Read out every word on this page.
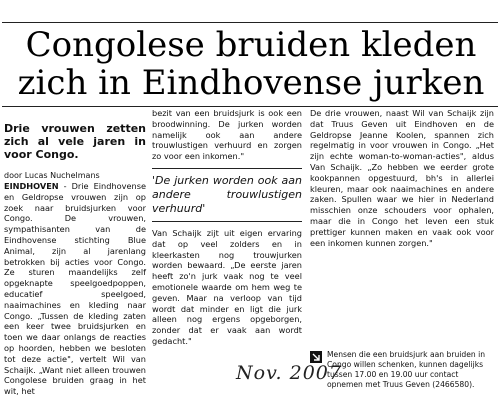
Congolese bruiden kleden
zich in Eindhovense jurken
Drie vrouwen zetten zich al vele jaren in voor Congo.
door Lucas Nuchelmans

EINDHOVEN - Drie Eindhovense en Geldropse vrouwen zijn op zoek naar bruidsjurken voor Congo. De vrouwen, sympathisanten van de Eindhovense stichting Blue Animal, zijn al jarenlang betrokken bij acties voor Congo. Ze sturen maandelijks zelf opgeknapte speelgoedpoppen, educatief speelgoed, naaimachines en kleding naar Congo. „Tussen de kleding zaten een keer twee bruidsjurken en toen we daar onlangs de reacties op hoorden, hebben we besloten tot deze actie", vertelt Wil van Schaijk. „Want niet alleen trouwen Congolese bruiden graag in het wit, het

bezit van een bruidsjurk is ook een broodwinning. De jurken worden namelijk ook aan andere trouwlustigen verhuurd en zorgen zo voor een inkomen."

'De jurken worden ook aan andere trouwlustigen verhuurd'

Van Schaijk zijt uit eigen ervaring dat op veel zolders en in kleerkasten nog trouwjurken worden bewaard. „De eerste jaren heeft zo'n jurk vaak nog te veel emotionele waarde om hem weg te geven. Maar na verloop van tijd wordt dat minder en ligt die jurk alleen nog ergens opgeborgen, zonder dat er vaak aan wordt gedacht."

De drie vrouwen, naast Wil van Schaijk zijn dat Truus Geven uit Eindhoven en de Geldropse Jeanne Koolen, spannen zich regelmatig in voor vrouwen in Congo. „Het zijn echte woman-to-woman-acties", aldus Van Schaijk. „Zo hebben we eerder grote kookpannen opgestuurd, bh's in allerlei kleuren, maar ook naaimachines en andere zaken. Spullen waar we hier in Nederland misschien onze schouders voor ophalen, maar die in Congo het leven een stuk prettiger kunnen maken en vaak ook voor een inkomen kunnen zorgen."

Mensen die een bruidsjurk aan bruiden in Congo willen schenken, kunnen dagelijks tussen 17.00 en 19.00 uur contact opnemen met Truus Geven (2466580).
Nov. 2007
